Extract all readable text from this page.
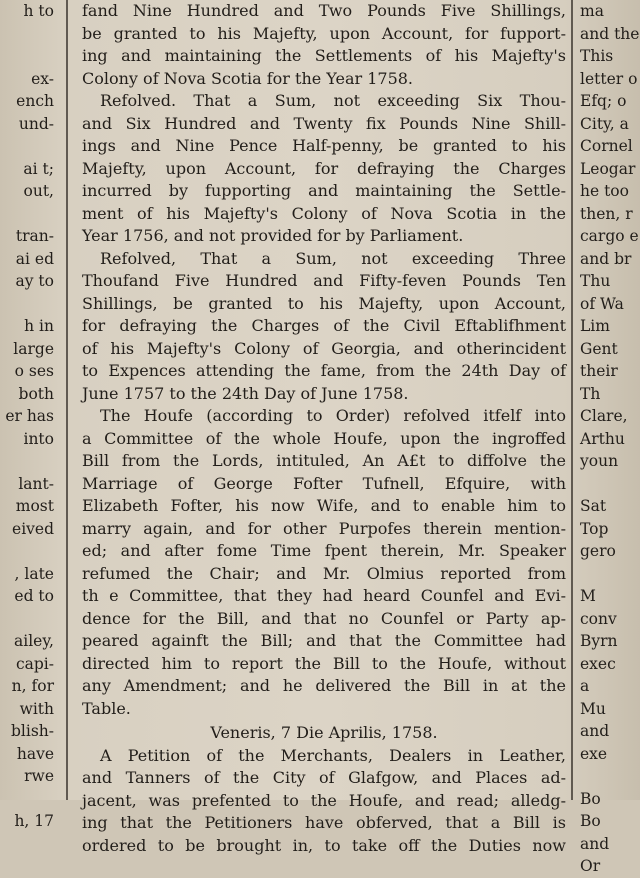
h to
ex-
ench
und-
ai t;
out,
tran-
ai ed
ay to
h in
large
o ses
both
er has
into
lant-
most
eived
, late
ed to
ailey,
capi-
n, for
with
blish-
have
rwe
h, 17
fand Nine Hundred and Two Pounds Five Shillings,
be granted to his Majefty, upon Account, for fupport-
ing and maintaining the Settlements of his Majefty's
Colony of Nova Scotia for the Year 1758.
Refolved. That a Sum, not exceeding Six Thou-
and Six Hundred and Twenty fix Pounds Nine Shill-
ings and Nine Pence Half-penny, be granted to his
Majefty, upon Account, for defraying the Charges
incurred by fupporting and maintaining the Settle-
ment of his Majefty's Colony of Nova Scotia in the
Year 1756, and not provided for by Parliament.
Refolved, That a Sum, not exceeding Three
Thoufand Five Hundred and Fifty-feven Pounds Ten
Shillings, be granted to his Majefty, upon Account,
for defraying the Charges of the Civil Eftablifhment
of his Majefty's Colony of Georgia, and otherincident
to Expences attending the fame, from the 24th Day of
June 1757 to the 24th Day of June 1758.
The Houfe (according to Order) refolved itfelf into
a Committee of the whole Houfe, upon the ingroffed
Bill from the Lords, intituled, An A£t to diffolve the
Marriage of George Fofter Tufnell, Efquire, with
Elizabeth Fofter, his now Wife, and to enable him to
marry again, and for other Purpofes therein mention-
ed; and after fome Time fpent therein, Mr. Speaker
refumed the Chair; and Mr. Olmius reported from
th e Committee, that they had heard Counfel and Evi-
dence for the Bill, and that no Counfel or Party ap-
peared againft the Bill; and that the Committee had
directed him to report the Bill to the Houfe, without
any Amendment; and he delivered the Bill in at the
Table.
Veneris, 7 Die Aprilis, 1758.
A Petition of the Merchants, Dealers in Leather,
and Tanners of the City of Glafgow, and Places ad-
jacent, was prefented to the Houfe, and read; alledg-
ing that the Petitioners have obferved, that a Bill is
ordered to be brought in, to take off the Duties now
ma
and the
This
letter o
Efq; o
City, a
Cornel
Leogar
he too
then, r
cargo e
and br
Thu
of Wa
Lim
Gent
their
Th
Clare,
Arthu
youn
Sat
Top
gero
M
conv
Byrn
exec
a
Mu
and
exe
Bo
Bo
and
Or
